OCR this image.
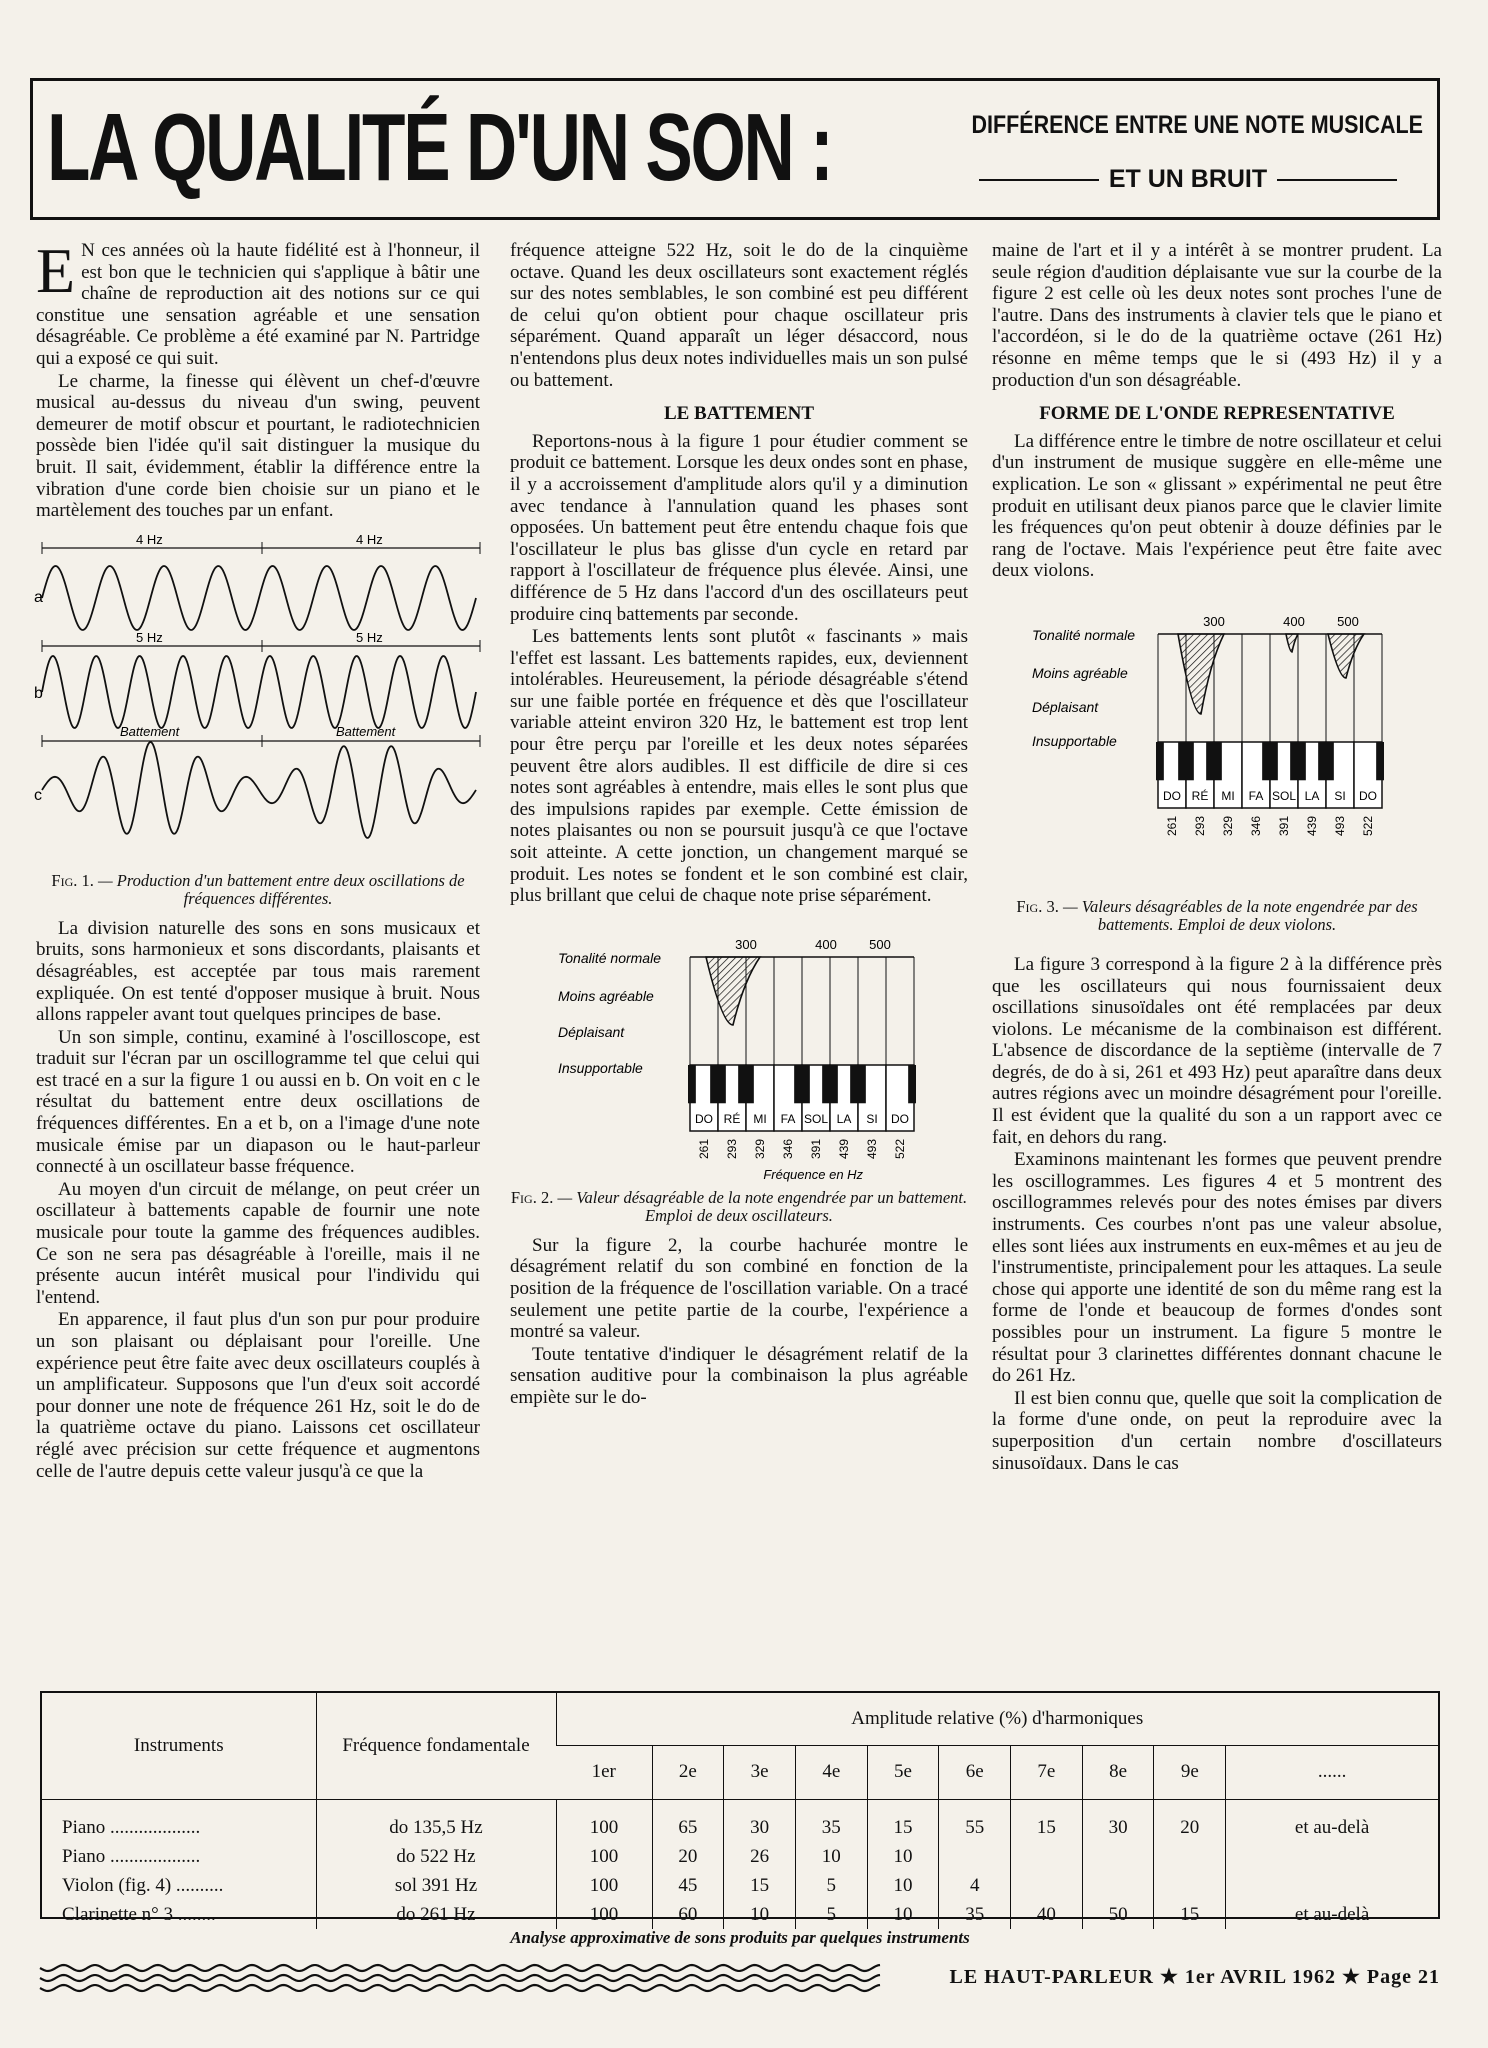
LA QUALITÉ D'UN SON :	DIFFÉRENCE ENTRE UNE NOTE MUSICALE
ET UN BRUIT

E N ces années où la haute fidélité est à l'honneur, il est bon que le technicien qui s'applique à bâtir une chaîne de reproduction ait des notions sur ce qui constitue une sensation agréable et une sensation désagréable. Ce problème a été examiné par N. Partridge qui a exposé ce qui suit.

Le charme, la finesse qui élèvent un chef-d'œuvre musical au-dessus du niveau d'un swing, peuvent demeurer de motif obscur et pourtant, le radiotechnicien possède bien l'idée qu'il sait distinguer la musique du bruit. Il sait, évidemment, établir la différence entre la vibration d'une corde bien choisie sur un piano et le martèlement des touches par un enfant.

4 Hz	4 Hz
a
5 Hz	5 Hz
b
Battement	Battement
c
Fig. 1. — Production d'un battement entre deux oscillations de fréquences différentes.

La division naturelle des sons en sons musicaux et bruits, sons harmonieux et sons discordants, plaisants et désagréables, est acceptée par tous mais rarement expliquée. On est tenté d'opposer musique à bruit. Nous allons rappeler avant tout quelques principes de base.

Un son simple, continu, examiné à l'oscilloscope, est traduit sur l'écran par un oscillogramme tel que celui qui est tracé en a sur la figure 1 ou aussi en b. On voit en c le résultat du battement entre deux oscillations de fréquences différentes. En a et b, on a l'image d'une note musicale émise par un diapason ou le haut-parleur connecté à un oscillateur basse fréquence.

Au moyen d'un circuit de mélange, on peut créer un oscillateur à battements capable de fournir une note musicale pour toute la gamme des fréquences audibles. Ce son ne sera pas désagréable à l'oreille, mais il ne présente aucun intérêt musical pour l'individu qui l'entend.

En apparence, il faut plus d'un son pur pour produire un son plaisant ou déplaisant pour l'oreille. Une expérience peut être faite avec deux oscillateurs couplés à un amplificateur. Supposons que l'un d'eux soit accordé pour donner une note de fréquence 261 Hz, soit le do de la quatrième octave du piano. Laissons cet oscillateur réglé avec précision sur cette fréquence et augmentons celle de l'autre depuis cette valeur jusqu'à ce que la

fréquence atteigne 522 Hz, soit le do de la cinquième octave. Quand les deux oscillateurs sont exactement réglés sur des notes semblables, le son combiné est peu différent de celui qu'on obtient pour chaque oscillateur pris séparément. Quand apparaît un léger désaccord, nous n'entendons plus deux notes individuelles mais un son pulsé ou battement.

LE BATTEMENT

Reportons-nous à la figure 1 pour étudier comment se produit ce battement. Lorsque les deux ondes sont en phase, il y a accroissement d'amplitude alors qu'il y a diminution avec tendance à l'annulation quand les phases sont opposées. Un battement peut être entendu chaque fois que l'oscillateur le plus bas glisse d'un cycle en retard par rapport à l'oscillateur de fréquence plus élevée. Ainsi, une différence de 5 Hz dans l'accord d'un des oscillateurs peut produire cinq battements par seconde.

Les battements lents sont plutôt « fascinants » mais l'effet est lassant. Les battements rapides, eux, deviennent intolérables. Heureusement, la période désagréable s'étend sur une faible portée en fréquence et dès que l'oscillateur variable atteint environ 320 Hz, le battement est trop lent pour être perçu par l'oreille et les deux notes séparées peuvent être alors audibles. Il est difficile de dire si ces notes sont agréables à entendre, mais elles le sont plus que des impulsions rapides par exemple. Cette émission de notes plaisantes ou non se poursuit jusqu'à ce que l'octave soit atteinte. A cette jonction, un changement marqué se produit. Les notes se fondent et le son combiné est clair, plus brillant que celui de chaque note prise séparément.

Tonalité normale
Moins agréable
Déplaisant
Insupportable
300	400 500
DO
261
RÉ
293
MI
329
FA
346
SOL
391
LA
439
SI
493
DO
522
Fréquence en Hz
Fig. 2. — Valeur désagréable de la note engendrée par un battement. Emploi de deux oscillateurs.

Sur la figure 2, la courbe hachurée montre le désagrément relatif du son combiné en fonction de la position de la fréquence de l'oscillation variable. On a tracé seulement une petite partie de la courbe, l'expérience a montré sa valeur.

Toute tentative d'indiquer le désagrément relatif de la sensation auditive pour la combinaison la plus agréable empiète sur le do-

maine de l'art et il y a intérêt à se montrer prudent. La seule région d'audition déplaisante vue sur la courbe de la figure 2 est celle où les deux notes sont proches l'une de l'autre. Dans des instruments à clavier tels que le piano et l'accordéon, si le do de la quatrième octave (261 Hz) résonne en même temps que le si (493 Hz) il y a production d'un son désagréable.

FORME DE L'ONDE REPRESENTATIVE

La différence entre le timbre de notre oscillateur et celui d'un instrument de musique suggère en elle-même une explication. Le son « glissant » expérimental ne peut être produit en utilisant deux pianos parce que le clavier limite les fréquences qu'on peut obtenir à douze définies par le rang de l'octave. Mais l'expérience peut être faite avec deux violons.

Tonalité normale
Moins agréable
Déplaisant
Insupportable
300	400 500
DO
261
RÉ
293
MI
329
FA
346
SOL
391
LA
439
SI
493
DO
522
Fig. 3. — Valeurs désagréables de la note engendrée par des battements. Emploi de deux violons.

La figure 3 correspond à la figure 2 à la différence près que les oscillateurs qui nous fournissaient deux oscillations sinusoïdales ont été remplacées par deux violons. Le mécanisme de la combinaison est différent. L'absence de discordance de la septième (intervalle de 7 degrés, de do à si, 261 et 493 Hz) peut aparaître dans deux autres régions avec un moindre désagrément pour l'oreille. Il est évident que la qualité du son a un rapport avec ce fait, en dehors du rang.

Examinons maintenant les formes que peuvent prendre les oscillogrammes. Les figures 4 et 5 montrent des oscillogrammes relevés pour des notes émises par divers instruments. Ces courbes n'ont pas une valeur absolue, elles sont liées aux instruments en eux-mêmes et au jeu de l'instrumentiste, principalement pour les attaques. La seule chose qui apporte une identité de son du même rang est la forme de l'onde et beaucoup de formes d'ondes sont possibles pour un instrument. La figure 5 montre le résultat pour 3 clarinettes différentes donnant chacune le do 261 Hz.

Il est bien connu que, quelle que soit la complication de la forme d'une onde, on peut la reproduire avec la superposition d'un certain nombre d'oscillateurs sinusoïdaux. Dans le cas

Instruments	Fréquence fondamentale	Amplitude relative (%) d'harmoniques									
		1er	2e	3e	4e	5e	6e	7e	8e	9e	......

Piano ...................	do 135,5 Hz	100	65	30	35	15	55	15	30	20	et au-delà
Piano ...................	do 522 Hz	100	20	26	10	10					
Violon (fig. 4) ..........	sol 391 Hz	100	45	15	5	10	4				
Clarinette n° 3 ........	do 261 Hz	100	60	10	5	10	35	40	50	15	et au-delà
Analyse approximative de sons produits par quelques instruments
LE HAUT-PARLEUR ★ 1er AVRIL 1962 ★ Page 21
